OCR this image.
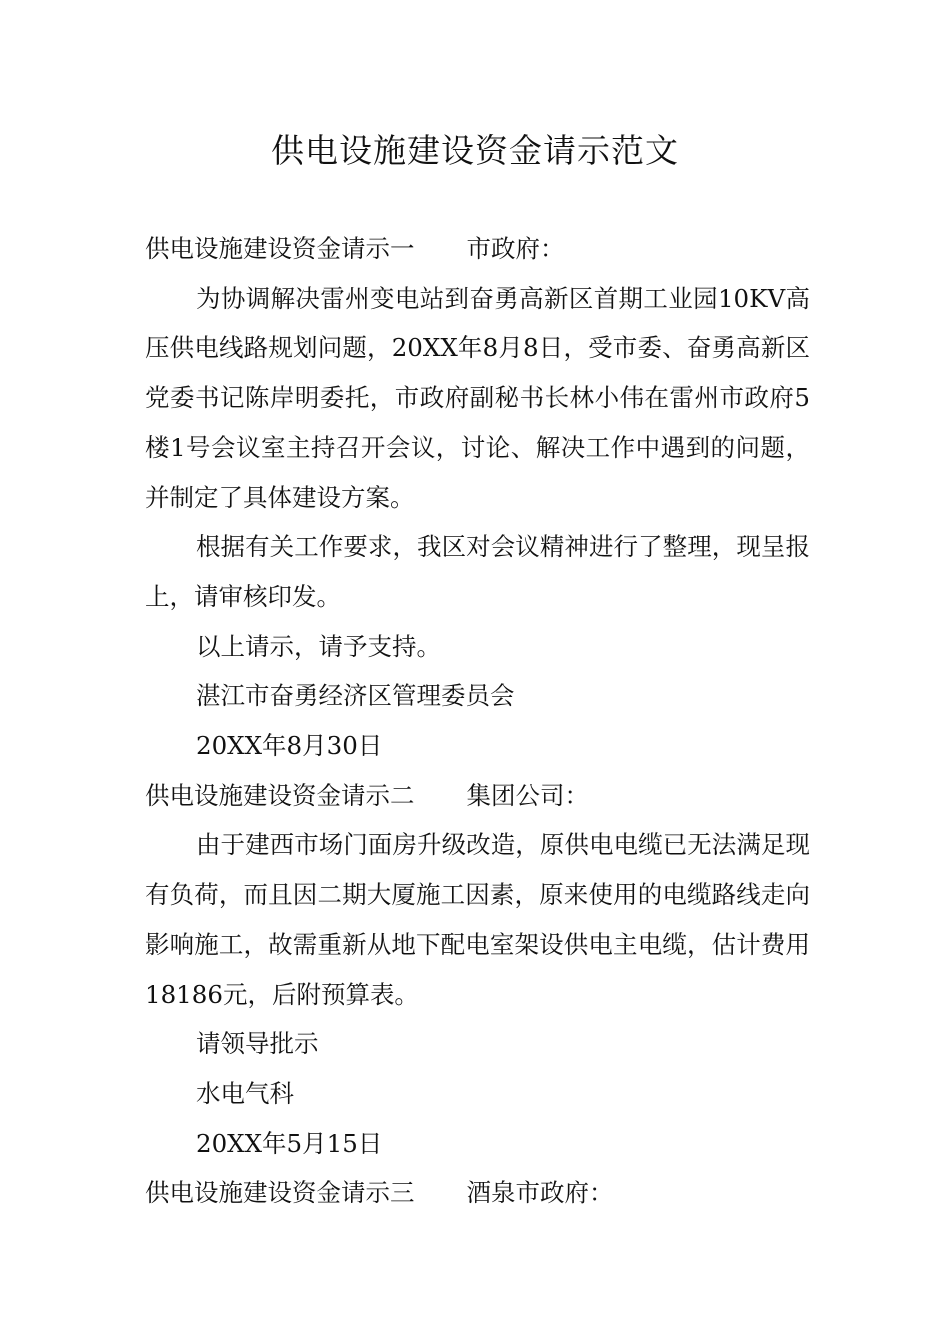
供电设施建设资金请示范文

供电设施建设资金请示一 市政府：

为协调解决雷州变电站到奋勇高新区首期工业园10KV高压供电线路规划问题，20XX年8月8日，受市委、奋勇高新区党委书记陈岸明委托，市政府副秘书长林小伟在雷州市政府5楼1号会议室主持召开会议，讨论、解决工作中遇到的问题，并制定了具体建设方案。

根据有关工作要求，我区对会议精神进行了整理，现呈报上，请审核印发。

以上请示，请予支持。

湛江市奋勇经济区管理委员会

20XX年8月30日

供电设施建设资金请示二 集团公司：

由于建西市场门面房升级改造，原供电电缆已无法满足现有负荷，而且因二期大厦施工因素，原来使用的电缆路线走向影响施工，故需重新从地下配电室架设供电主电缆，估计费用18186元，后附预算表。

请领导批示

水电气科

20XX年5月15日

供电设施建设资金请示三 酒泉市政府：
